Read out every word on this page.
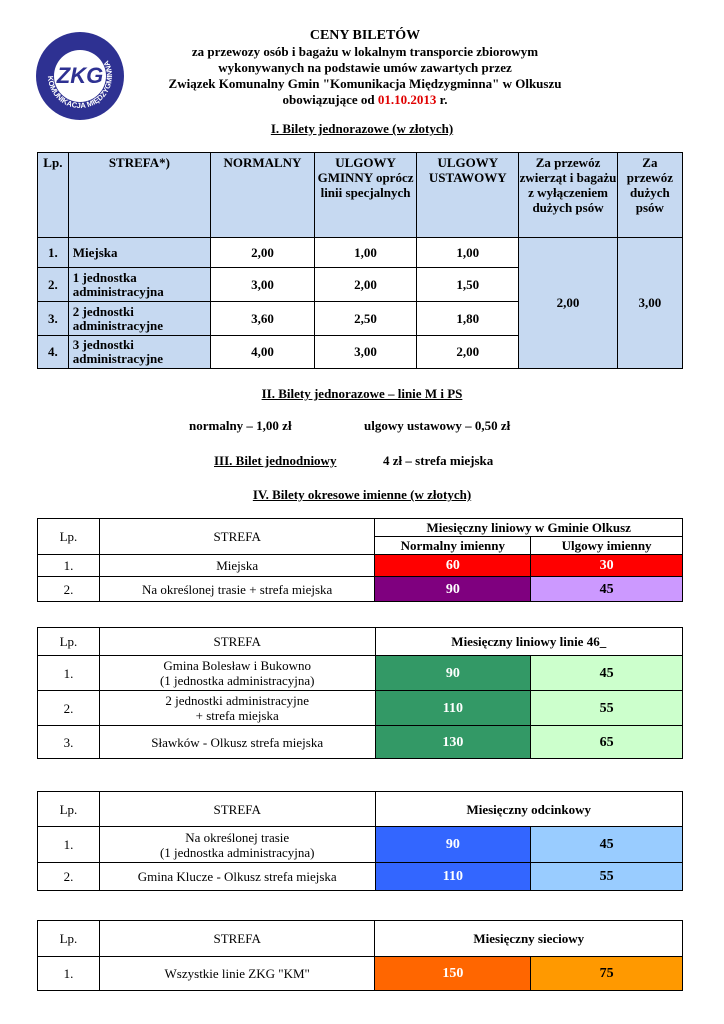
KOMUNIKACJA MIĘDZYGMINNA
ZKG
CENY BILETÓW
za przewozy osób i bagażu w lokalnym transporcie zbiorowym
wykonywanych na podstawie umów zawartych przez
Związek Komunalny Gmin "Komunikacja Międzygminna" w Olkuszu
obowiązujące od 01.10.2013 r.
I. Bilety jednorazowe (w złotych)
Lp.	STREFA*)	NORMALNY	ULGOWY GMINNY oprócz linii specjalnych	ULGOWY USTAWOWY	Za przewóz zwierząt i bagażu z wyłączeniem dużych psów	Za przewóz dużych psów
1.	Miejska	2,00	1,00	1,00	2,00	3,00
2.	1 jednostka administracyjna	3,00	2,00	1,50		
3.	2 jednostki administracyjne	3,60	2,50	1,80		
4.	3 jednostki administracyjne	4,00	3,00	2,00		
II. Bilety jednorazowe – linie M i PS
normalny – 1,00 zł	ulgowy ustawowy – 0,50 zł
III. Bilet jednodniowy	4 zł – strefa miejska
IV. Bilety okresowe imienne (w złotych)
Lp.	STREFA	Miesięczny liniowy w Gminie Olkusz	
		Normalny imienny	Ulgowy imienny
1.	Miejska	60	30
2.	Na określonej trasie + strefa miejska	90	45
Lp.	STREFA	Miesięczny liniowy linie 46_	
1.	Gmina Bolesław i Bukowno
(1 jednostka administracyjna)	90	45
2.	2 jednostki administracyjne
+ strefa miejska	110	55
3.	Sławków - Olkusz strefa miejska	130	65
Lp.	STREFA	Miesięczny odcinkowy	
1.	Na określonej trasie
(1 jednostka administracyjna)	90	45
2.	Gmina Klucze - Olkusz strefa miejska	110	55
Lp.	STREFA	Miesięczny sieciowy	
1.	Wszystkie linie ZKG "KM"	150	75
